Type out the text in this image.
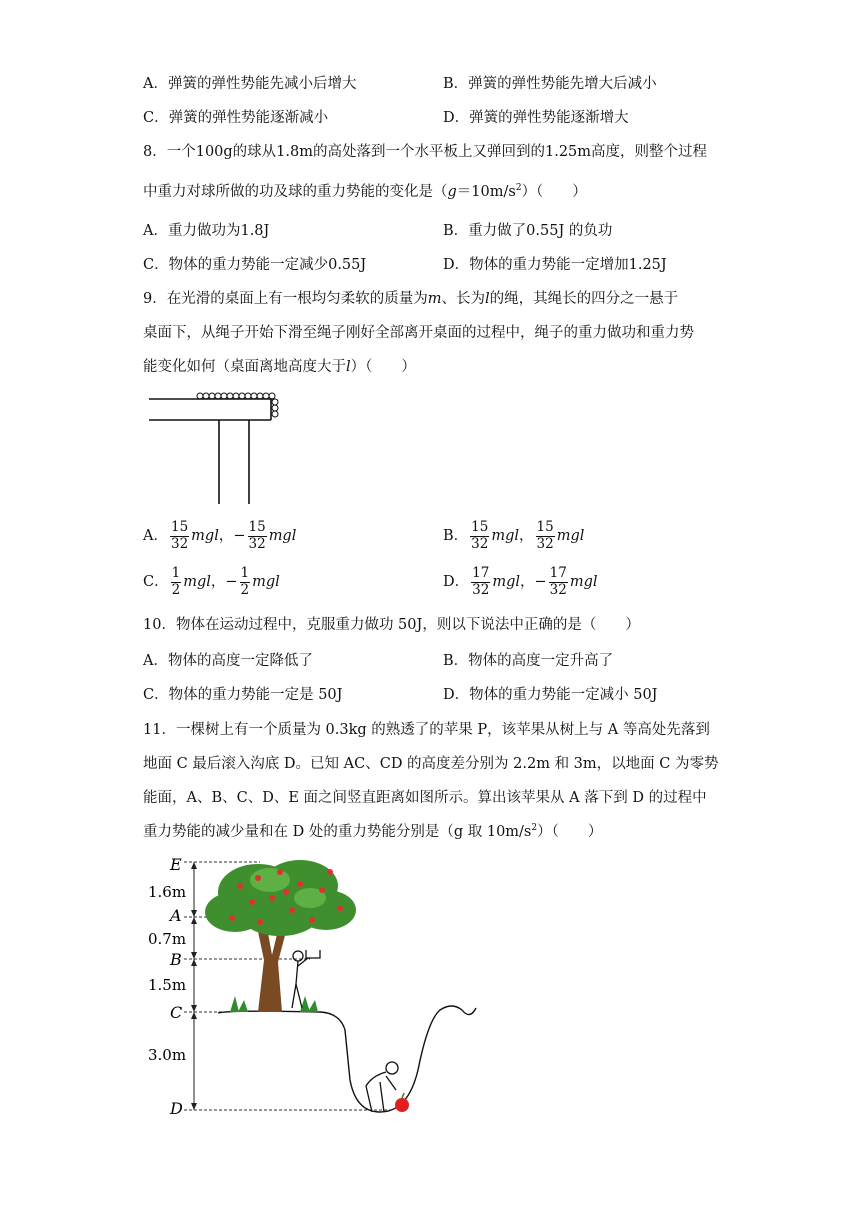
A．弹簧的弹性势能先减小后增大	B．弹簧的弹性势能先增大后减小
C．弹簧的弹性势能逐渐减小	D．弹簧的弹性势能逐渐增大
8．一个100g的球从1.8m的高处落到一个水平板上又弹回到的1.25m高度，则整个过程
中重力对球所做的功及球的重力势能的变化是$(g=10m/s^2)$（　　）
A．重力做功为1.8J	B．重力做了0.55J 的负功
C．物体的重力势能一定减少0.55J	D．物体的重力势能一定增加1.25J
9．在光滑的桌面上有一根均匀柔软的质量为m、长为l的绳，其绳长的四分之一悬于
桌面下，从绳子开始下滑至绳子刚好全部离开桌面的过程中，绳子的重力做功和重力势
能变化如何（桌面离地高度大于l）（　　）
A． $\frac{15}{32}$ mgl，− $\frac{15}{32}$ mgl	B． $\frac{15}{32}$ mgl， $\frac{15}{32}$ mgl
C． $\frac{1}{2}$ mgl，− $\frac{1}{2}$ mgl	D． $\frac{17}{32}$ mgl，− $\frac{17}{32}$ mgl
10．物体在运动过程中，克服重力做功 50J，则以下说法中正确的是（　　）
A．物体的高度一定降低了	B．物体的高度一定升高了
C．物体的重力势能一定是 50J	D．物体的重力势能一定减小 50J
11．一棵树上有一个质量为 0.3kg 的熟透了的苹果 P，该苹果从树上与 A 等高处先落到
地面 C 最后滚入沟底 D。已知 AC、CD 的高度差分别为 2.2m 和 3m，以地面 C 为零势
能面，A、B、C、D、E 面之间竖直距离如图所示。算出该苹果从 A 落下到 D 的过程中
重力势能的减少量和在 D 处的重力势能分别是（g 取 $10m/s^2$）（　　）
E
A
B
C
D
1.6m
0.7m
1.5m
3.0m
